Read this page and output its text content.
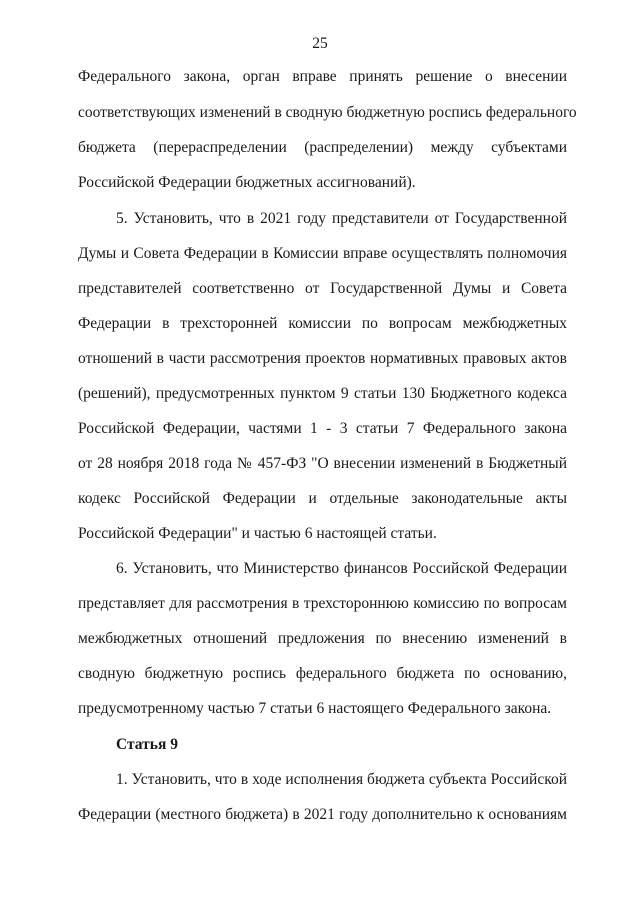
25
Федерального закона, орган вправе принять решение о внесении
соответствующих изменений в сводную бюджетную роспись федерального
бюджета (перераспределении (распределении) между субъектами
Российской Федерации бюджетных ассигнований).
5. Установить, что в 2021 году представители от Государственной
Думы и Совета Федерации в Комиссии вправе осуществлять полномочия
представителей соответственно от Государственной Думы и Совета
Федерации в трехсторонней комиссии по вопросам межбюджетных
отношений в части рассмотрения проектов нормативных правовых актов
(решений), предусмотренных пунктом 9 статьи 130 Бюджетного кодекса
Российской Федерации, частями 1 - 3 статьи 7 Федерального закона
от 28 ноября 2018 года № 457-ФЗ "О внесении изменений в Бюджетный
кодекс Российской Федерации и отдельные законодательные акты
Российской Федерации" и частью 6 настоящей статьи.
6. Установить, что Министерство финансов Российской Федерации
представляет для рассмотрения в трехстороннюю комиссию по вопросам
межбюджетных отношений предложения по внесению изменений в
сводную бюджетную роспись федерального бюджета по основанию,
предусмотренному частью 7 статьи 6 настоящего Федерального закона.
Статья 9
1. Установить, что в ходе исполнения бюджета субъекта Российской
Федерации (местного бюджета) в 2021 году дополнительно к основаниям
